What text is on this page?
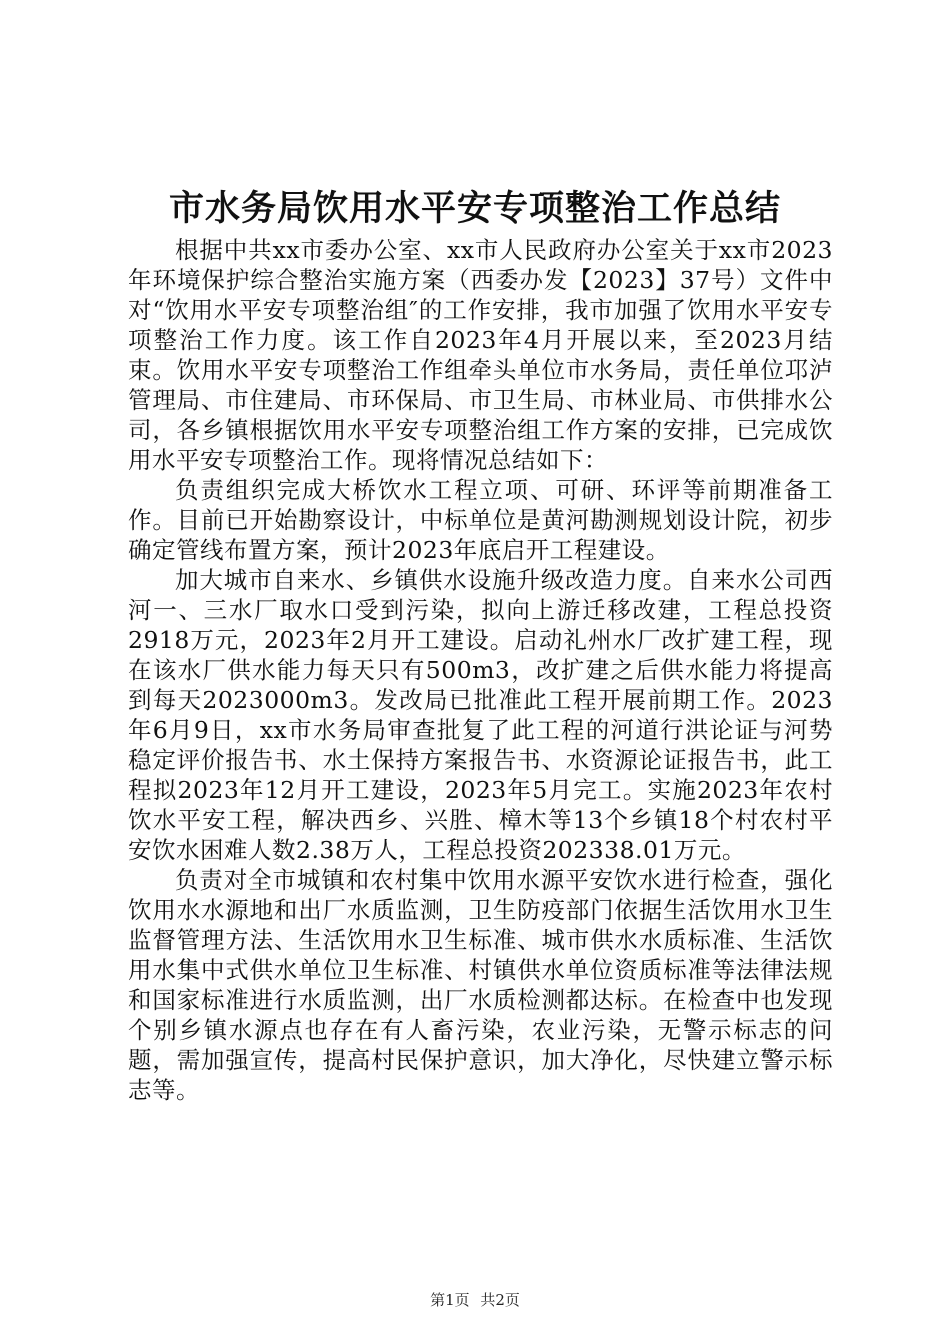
市水务局饮用水平安专项整治工作总结

根据中共xx市委办公室、xx市人民政府办公室关于xx市2023年环境保护综合整治实施方案（西委办发【2023】37号）文件中对“饮用水平安专项整治组″的工作安排，我市加强了饮用水平安专项整治工作力度。该工作自2023年4月开展以来，至2023月结束。饮用水平安专项整治工作组牵头单位市水务局，责任单位邛泸管理局、市住建局、市环保局、市卫生局、市林业局、市供排水公司，各乡镇根据饮用水平安专项整治组工作方案的安排，已完成饮用水平安专项整治工作。现将情况总结如下：

负责组织完成大桥饮水工程立项、可研、环评等前期准备工作。目前已开始勘察设计，中标单位是黄河勘测规划设计院，初步确定管线布置方案，预计2023年底启开工程建设。

加大城市自来水、乡镇供水设施升级改造力度。自来水公司西河一、三水厂取水口受到污染，拟向上游迁移改建，工程总投资2918万元，2023年2月开工建设。启动礼州水厂改扩建工程，现在该水厂供水能力每天只有500m3，改扩建之后供水能力将提高到每天2023000m3。发改局已批准此工程开展前期工作。2023年6月9日，xx市水务局审查批复了此工程的河道行洪论证与河势稳定评价报告书、水土保持方案报告书、水资源论证报告书，此工程拟2023年12月开工建设，2023年5月完工。实施2023年农村饮水平安工程，解决西乡、兴胜、樟木等13个乡镇18个村农村平安饮水困难人数2.38万人，工程总投资202338.01万元。

负责对全市城镇和农村集中饮用水源平安饮水进行检查，强化饮用水水源地和出厂水质监测，卫生防疫部门依据生活饮用水卫生监督管理方法、生活饮用水卫生标准、城市供水水质标准、生活饮用水集中式供水单位卫生标准、村镇供水单位资质标准等法律法规和国家标准进行水质监测，出厂水质检测都达标。在检查中也发现个别乡镇水源点也存在有人畜污染，农业污染，无警示标志的问题，需加强宣传，提高村民保护意识，加大净化，尽快建立警示标志等。

第1页 共2页
